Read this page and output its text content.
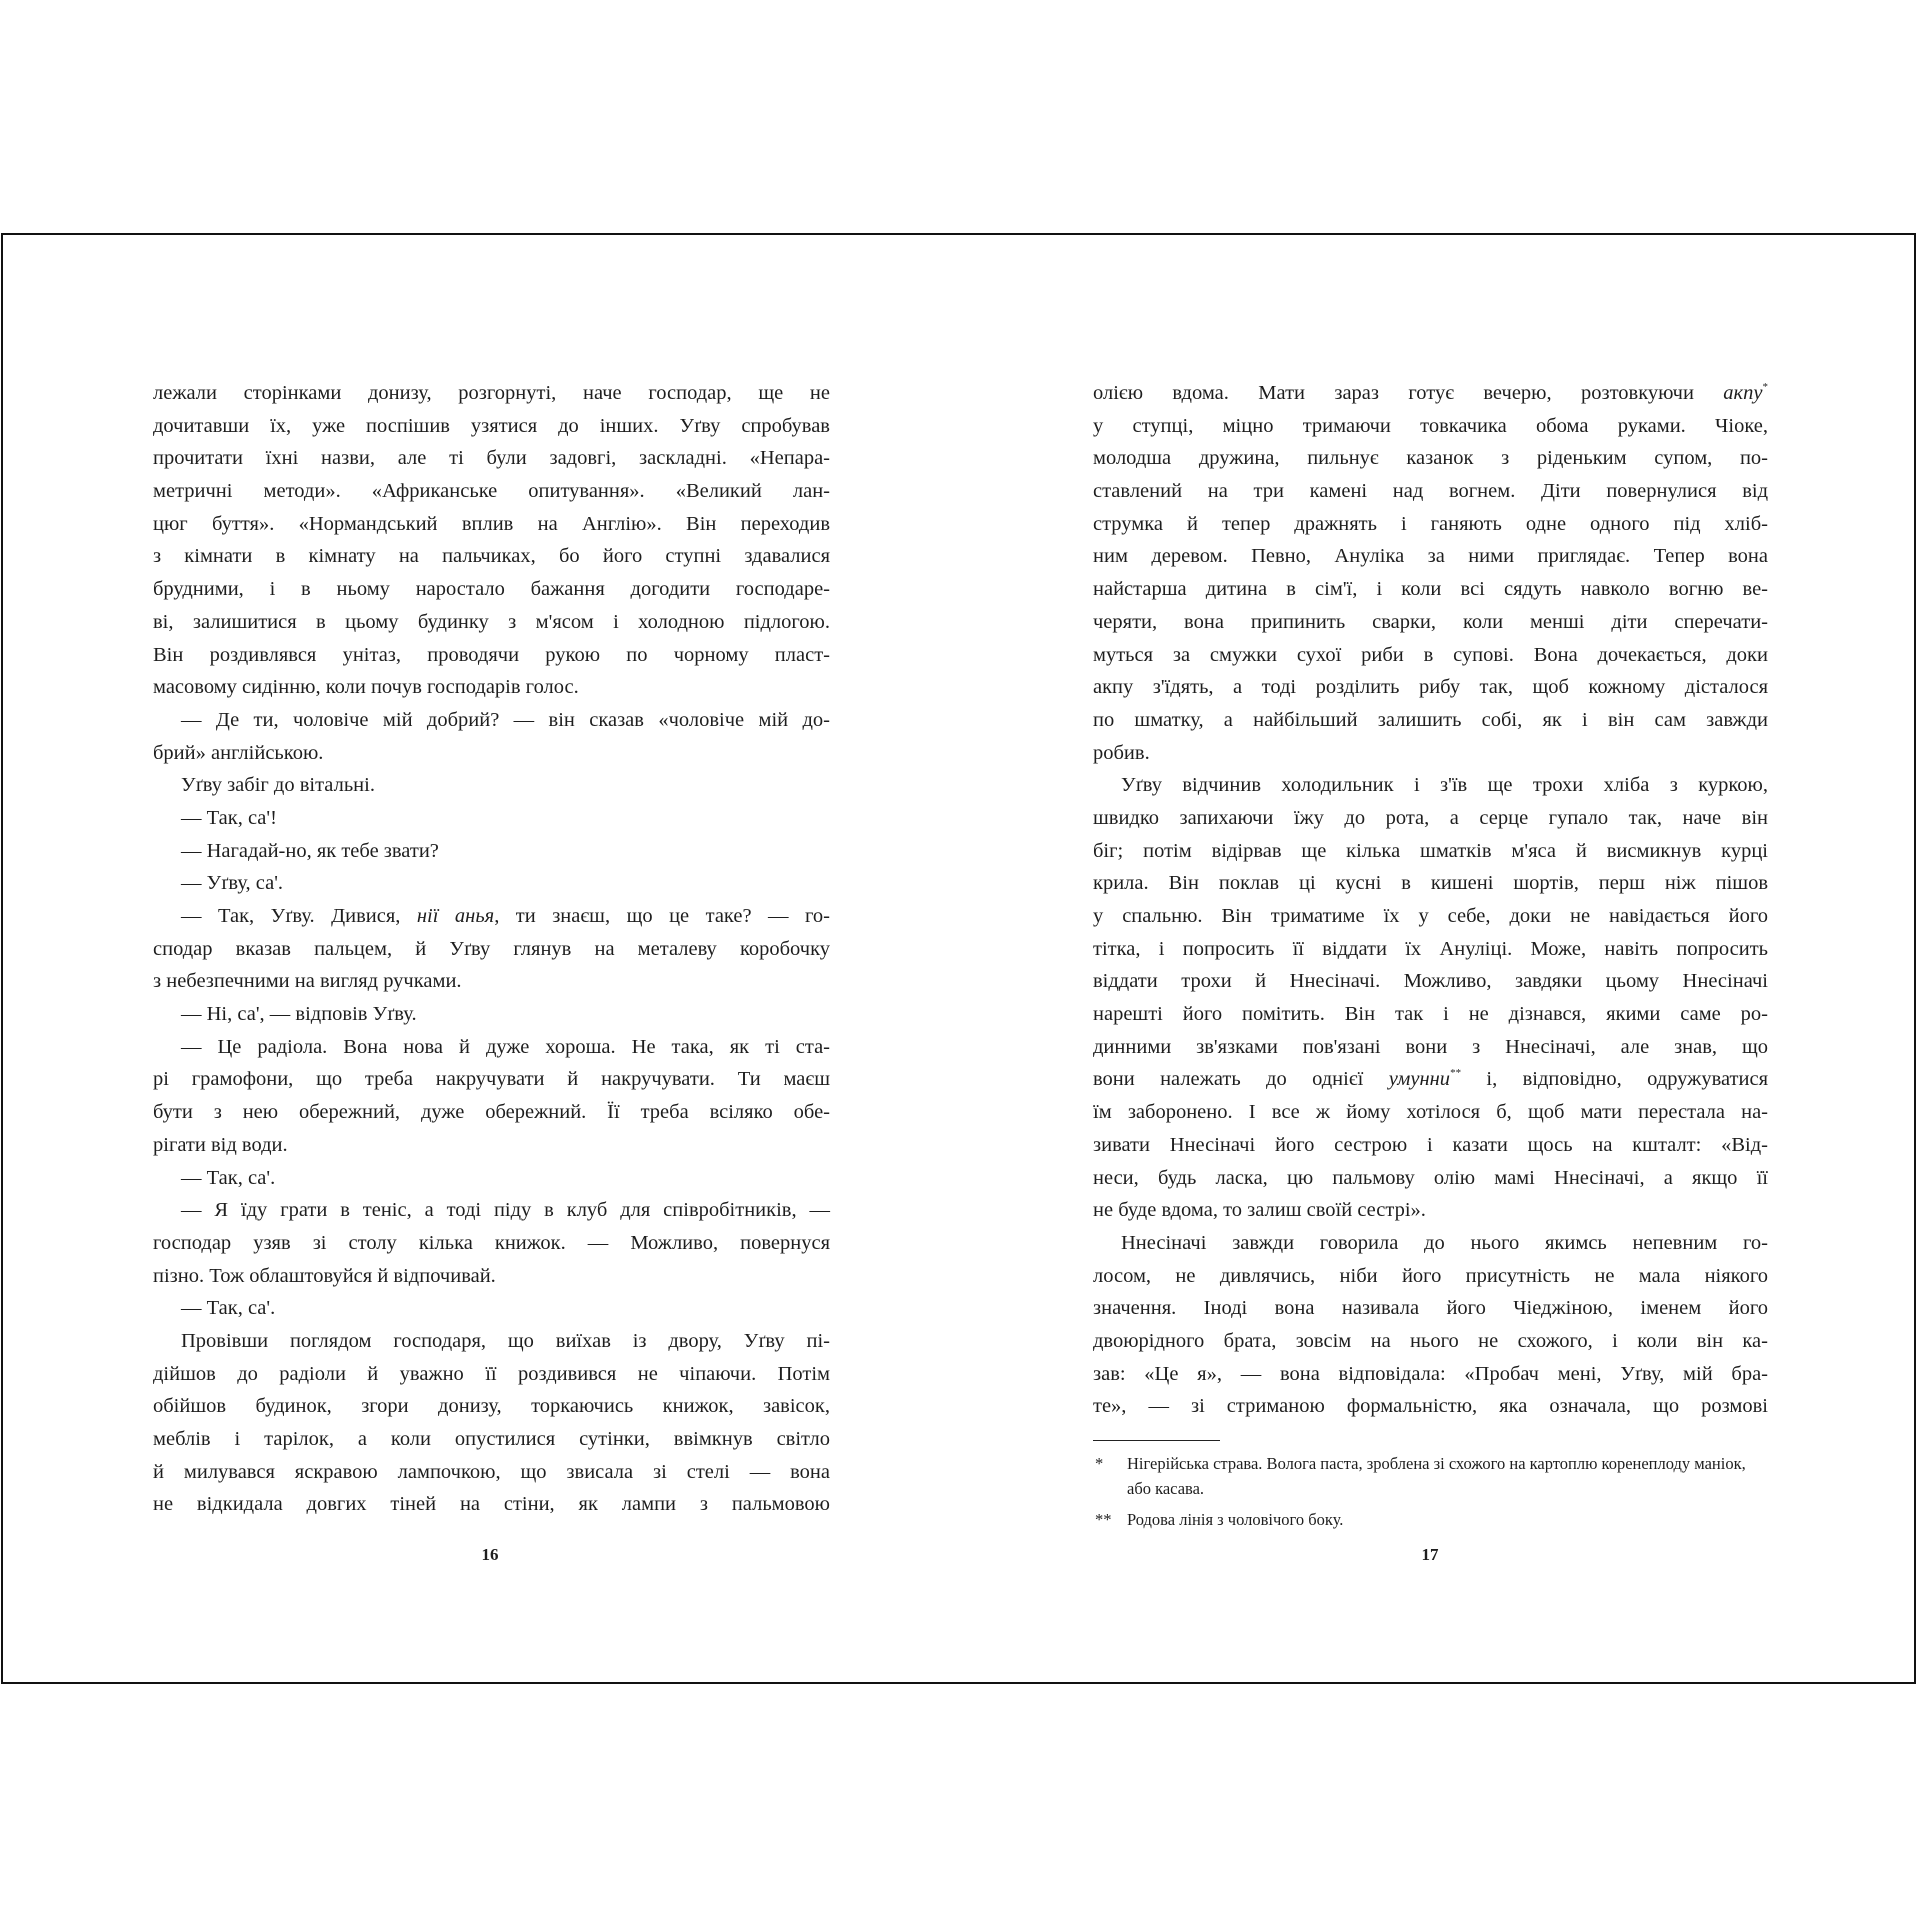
лежали сторінками донизу, розгорнуті, наче господар, ще не
дочитавши їх, уже поспішив узятися до інших. Уґву спробував
прочитати їхні назви, але ті були задовгі, заскладні. «Непара-
метричні методи». «Африканське опитування». «Великий лан-
цюг буття». «Нормандський вплив на Англію». Він переходив
з кімнати в кімнату на пальчиках, бо його ступні здавалися
брудними, і в ньому наростало бажання догодити господаре-
ві, залишитися в цьому будинку з м'ясом і холодною підлогою.
Він роздивлявся унітаз, проводячи рукою по чорному пласт-
масовому сидінню, коли почув господарів голос.
— Де ти, чоловіче мій добрий? — він сказав «чоловіче мій до-
брий» англійською.
Уґву забіг до вітальні.
— Так, са'!
— Нагадай-но, як тебе звати?
— Уґву, са'.
— Так, Уґву. Дивися, нії анья, ти знаєш, що це таке? — го-
сподар вказав пальцем, й Уґву глянув на металеву коробочку
з небезпечними на вигляд ручками.
— Ні, са', — відповів Уґву.
— Це радіола. Вона нова й дуже хороша. Не така, як ті ста-
рі грамофони, що треба накручувати й накручувати. Ти маєш
бути з нею обережний, дуже обережний. Її треба всіляко обе-
рігати від води.
— Так, са'.
— Я їду грати в теніс, а тоді піду в клуб для співробітників, —
господар узяв зі столу кілька книжок. — Можливо, повернуся
пізно. Тож облаштовуйся й відпочивай.
— Так, са'.
Провівши поглядом господаря, що виїхав із двору, Уґву пі-
дійшов до радіоли й уважно її роздивився не чіпаючи. Потім
обійшов будинок, згори донизу, торкаючись книжок, завісок,
меблів і тарілок, а коли опустилися сутінки, ввімкнув світло
й милувався яскравою лампочкою, що звисала зі стелі — вона
не відкидала довгих тіней на стіни, як лампи з пальмовою
16
олією вдома. Мати зараз готує вечерю, розтовкуючи акпу*
у ступці, міцно тримаючи товкачика обома руками. Чіоке,
молодша дружина, пильнує казанок з ріденьким супом, по-
ставлений на три камені над вогнем. Діти повернулися від
струмка й тепер дражнять і ганяють одне одного під хліб-
ним деревом. Певно, Ануліка за ними приглядає. Тепер вона
найстарша дитина в сім'ї, і коли всі сядуть навколо вогню ве-
черяти, вона припинить сварки, коли менші діти сперечати-
муться за смужки сухої риби в супові. Вона дочекається, доки
акпу з'їдять, а тоді розділить рибу так, щоб кожному дісталося
по шматку, а найбільший залишить собі, як і він сам завжди
робив.
Уґву відчинив холодильник і з'їв ще трохи хліба з куркою,
швидко запихаючи їжу до рота, а серце гупало так, наче він
біг; потім відірвав ще кілька шматків м'яса й висмикнув курці
крила. Він поклав ці кусні в кишені шортів, перш ніж пішов
у спальню. Він триматиме їх у себе, доки не навідається його
тітка, і попросить її віддати їх Ануліці. Може, навіть попросить
віддати трохи й Ннесіначі. Можливо, завдяки цьому Ннесіначі
нарешті його помітить. Він так і не дізнався, якими саме ро-
динними зв'язками пов'язані вони з Ннесіначі, але знав, що
вони належать до однієї умунни** і, відповідно, одружуватися
їм заборонено. І все ж йому хотілося б, щоб мати перестала на-
зивати Ннесіначі його сестрою і казати щось на кшталт: «Від-
неси, будь ласка, цю пальмову олію мамі Ннесіначі, а якщо її
не буде вдома, то залиш своїй сестрі».
Ннесіначі завжди говорила до нього якимсь непевним го-
лосом, не дивлячись, ніби його присутність не мала ніякого
значення. Іноді вона називала його Чіеджіною, іменем його
двоюрідного брата, зовсім на нього не схожого, і коли він ка-
зав: «Це я», — вона відповідала: «Пробач мені, Уґву, мій бра-
те», — зі стриманою формальністю, яка означала, що розмові
* Нігерійська страва. Волога паста, зроблена зі схожого на картоплю коренеплоду маніок, або касава.
** Родова лінія з чоловічого боку.
17
